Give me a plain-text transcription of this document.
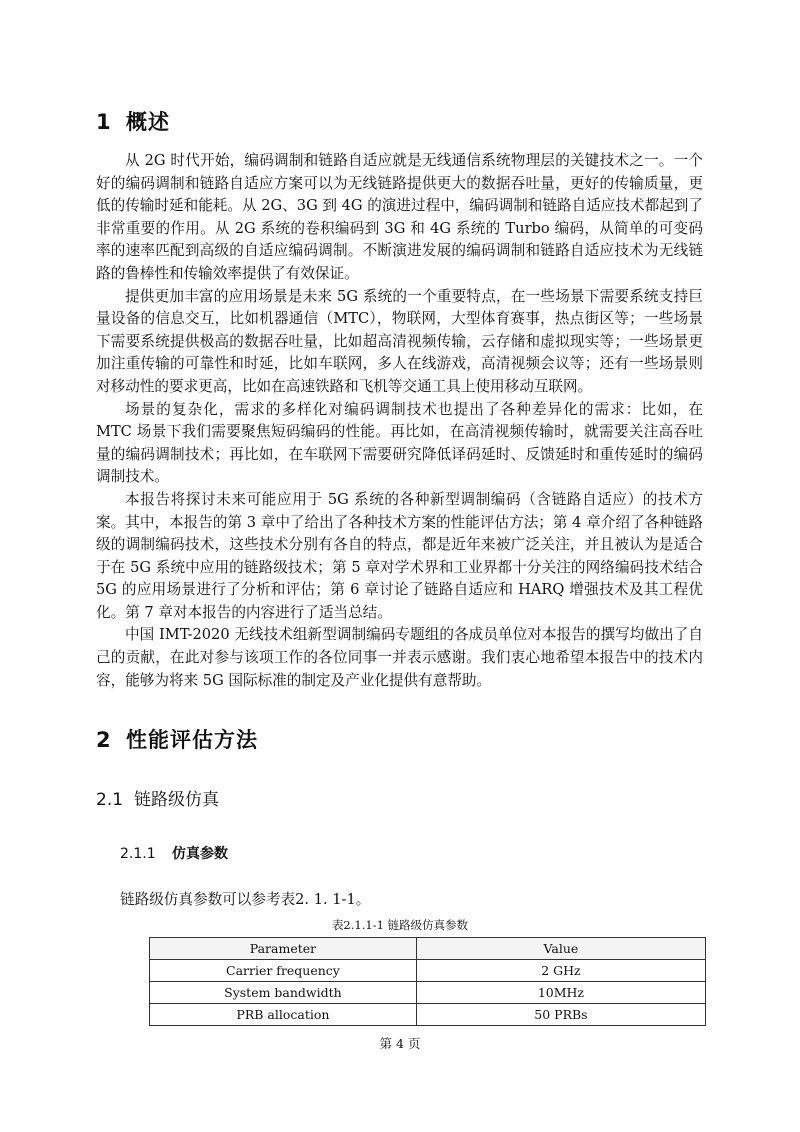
1 概述

从 2G 时代开始，编码调制和链路自适应就是无线通信系统物理层的关键技术之一。一个好的编码调制和链路自适应方案可以为无线链路提供更大的数据吞吐量，更好的传输质量，更低的传输时延和能耗。从 2G、3G 到 4G 的演进过程中，编码调制和链路自适应技术都起到了非常重要的作用。从 2G 系统的卷积编码到 3G 和 4G 系统的 Turbo 编码，从简单的可变码率的速率匹配到高级的自适应编码调制。不断演进发展的编码调制和链路自适应技术为无线链路的鲁棒性和传输效率提供了有效保证。

提供更加丰富的应用场景是未来 5G 系统的一个重要特点，在一些场景下需要系统支持巨量设备的信息交互，比如机器通信（MTC），物联网，大型体育赛事，热点街区等；一些场景下需要系统提供极高的数据吞吐量，比如超高清视频传输，云存储和虚拟现实等；一些场景更加注重传输的可靠性和时延，比如车联网，多人在线游戏，高清视频会议等；还有一些场景则对移动性的要求更高，比如在高速铁路和飞机等交通工具上使用移动互联网。

场景的复杂化，需求的多样化对编码调制技术也提出了各种差异化的需求：比如，在 MTC 场景下我们需要聚焦短码编码的性能。再比如，在高清视频传输时，就需要关注高吞吐量的编码调制技术；再比如，在车联网下需要研究降低译码延时、反馈延时和重传延时的编码调制技术。

本报告将探讨未来可能应用于 5G 系统的各种新型调制编码（含链路自适应）的技术方案。其中，本报告的第 3 章中了给出了各种技术方案的性能评估方法；第 4 章介绍了各种链路级的调制编码技术，这些技术分别有各自的特点，都是近年来被广泛关注，并且被认为是适合于在 5G 系统中应用的链路级技术；第 5 章对学术界和工业界都十分关注的网络编码技术结合 5G 的应用场景进行了分析和评估；第 6 章讨论了链路自适应和 HARQ 增强技术及其工程优化。第 7 章对本报告的内容进行了适当总结。

中国 IMT-2020 无线技术组新型调制编码专题组的各成员单位对本报告的撰写均做出了自己的贡献，在此对参与该项工作的各位同事一并表示感谢。我们衷心地希望本报告中的技术内容，能够为将来 5G 国际标准的制定及产业化提供有意帮助。

2 性能评估方法
2.1 链路级仿真
2.1.1 仿真参数
链路级仿真参数可以参考表2. 1. 1-1。
表2.1.1-1 链路级仿真参数
Parameter	Value
Carrier frequency	2 GHz
System bandwidth	10MHz
PRB allocation	50 PRBs
第 4 页
